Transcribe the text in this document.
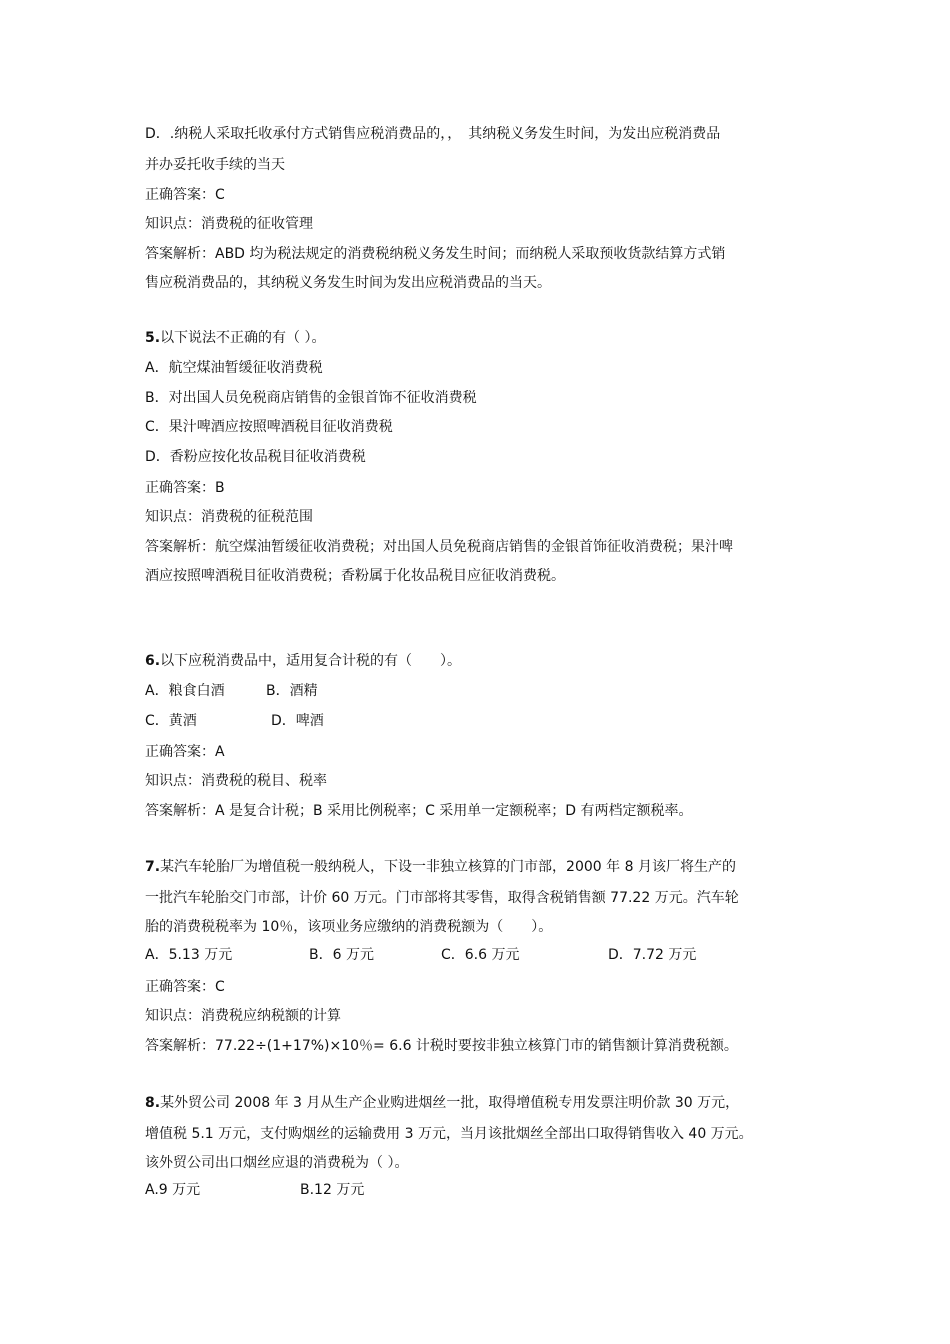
D．.纳税人采取托收承付方式销售应税消费品的，，　其纳税义务发生时间，为发出应税消费品
并办妥托收手续的当天
正确答案：C
知识点：消费税的征收管理
答案解析：ABD 均为税法规定的消费税纳税义务发生时间；而纳税人采取预收货款结算方式销
售应税消费品的，其纳税义务发生时间为发出应税消费品的当天。
5.以下说法不正确的有（ ）。
A．航空煤油暂缓征收消费税
B．对出国人员免税商店销售的金银首饰不征收消费税
C．果汁啤酒应按照啤酒税目征收消费税
D．香粉应按化妆品税目征收消费税
正确答案：B
知识点：消费税的征税范围
答案解析：航空煤油暂缓征收消费税；对出国人员免税商店销售的金银首饰征收消费税；果汁啤
酒应按照啤酒税目征收消费税；香粉属于化妆品税目应征收消费税。
6.以下应税消费品中，适用复合计税的有（　　）。
A．粮食白酒	B．酒精
C．黄酒	D．啤酒
正确答案：A
知识点：消费税的税目、税率
答案解析：A 是复合计税；B 采用比例税率；C 采用单一定额税率；D 有两档定额税率。
7.某汽车轮胎厂为增值税一般纳税人，下设一非独立核算的门市部，2000 年 8 月该厂将生产的
一批汽车轮胎交门市部，计价 60 万元。门市部将其零售，取得含税销售额 77.22 万元。汽车轮
胎的消费税税率为 10％，该项业务应缴纳的消费税额为（　　）。
A．5.13 万元	B．6 万元	C．6.6 万元	D．7.72 万元
正确答案：C
知识点：消费税应纳税额的计算
答案解析：77.22÷(1+17%)×10％= 6.6 计税时要按非独立核算门市的销售额计算消费税额。
8.某外贸公司 2008 年 3 月从生产企业购进烟丝一批，取得增值税专用发票注明价款 30 万元，
增值税 5.1 万元，支付购烟丝的运输费用 3 万元，当月该批烟丝全部出口取得销售收入 40 万元。
该外贸公司出口烟丝应退的消费税为（ ）。
A.9 万元	B.12 万元
